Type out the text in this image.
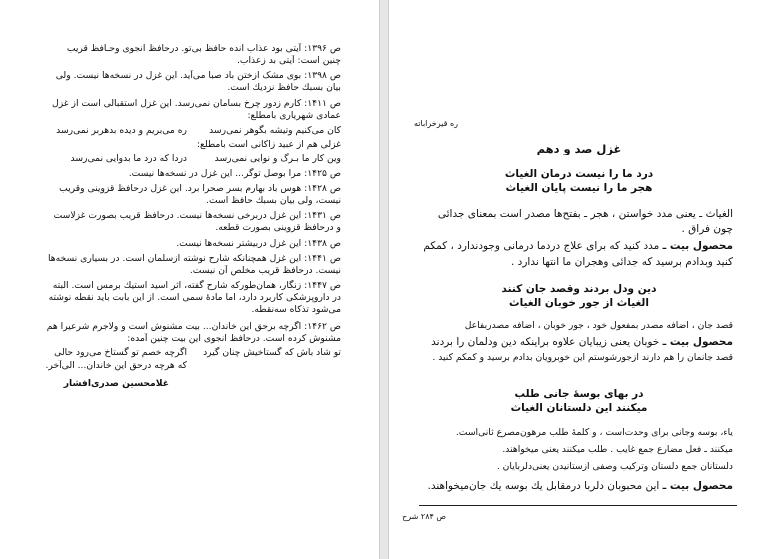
ص ۱۳۹۶: آیتی بود عذاب انده حافظ بی‌تو. درحافظ انجوی وحـافظ قریب
چنین است: آیتی بد زعذاب.
ص ۱۳۹۸: بوی مشک ازختن باد صبا می‌آید. این غزل در نسخه‌ها نیست. ولی
بیان بسبك حافظ نزدیك است.
ص ۱۴۱۱: کارم زدور چرخ بسامان نمی‌رسد. این غزل استقبالی است از غزل
عمادی شهریاری بامطلع:
ره می‌بریم و دیده بدهربر نمی‌رسد	کان می‌کنیم وتیشه بگوهر نمی‌رسد
غزلی هم از عبید زاکانی است بامطلع:
دردا که درد ما بدوایی نمی‌رسد	وین کار ما بـرگ و نوایی نمی‌رسد
ص ۱۴۲۵: مرا بوصل توگر... این غزل در نسخه‌ها نیست.
ص ۱۴۲۸: هوس باد بهارم بسر صحرا برد. این غزل درحافظ قزوینی وقریب
نیست، ولی بیان بسبك حافظ است.
ص ۱۴۳۱: این غزل دربرخی نسخه‌ها نیست. درحافظ قریب بصورت غزلاست
و درحافظ قزوینی بصورت قطعه.
ص ۱۴۳۸: این غزل دربیشتر نسخه‌ها نیست.
ص ۱۴۴۱: این غزل همچنانکه شارح نوشته ازسلمان است. در بسیاری نسخه‌ها
نیست. درحافظ قریب مخلص آن نیست.
ص ۱۴۴۷: زنگار، همان‌طورکه شارح گفته، اثر اسید استیك برمس است. البته
در داروپزشکی کاربرد دارد، اما مادهٔ سمی است. از این بابت باید نقطه نوشته
می‌شود تذکاه سه‌نقطه.
ص ۱۴۶۲: اگرچه برحق این خاندان... بیت مشنوش است و ولاجرم شرعیرا هم
مشنوش کرده است. درحافظ انجوی این بیت چنین آمده:
اگرچه خصم تو گستاخ می‌رود حالی	تو شاد باش که گستاخیش چنان گیرد
که هرچه درحق این خاندان... الی‌آخر.
غلامحسین صدری‌افشار
ره قیرخراباته
غزل صد و دهم
درد ما را نیست درمان الغیاث
هجر ما را نیست پایان الغیاث
الغیاث ـ یعنی مدد خواستن ، هجر ـ بفتح‌ها مصدر است بمعنای جدائی
چون فراق .
محصول بیت ـ مدد کنید که برای علاج دردما درمانی وجودندارد ، کمکم
کنید وبدادم برسید که جدائی وهجران ما انتها ندارد .
دین ودل بردند وقصد جان کنند
الغیاث از جور خوبان الغیاث
قصد جان ، اضافه مصدر بمفعول خود ، جور خوبان ، اضافه مصدربفاعل
محصول بیت ـ خوبان یعنی زیبایان علاوه براینکه دین ودلمان را بردند
قصد جانمان را هم دارند ازجورشوستم این خوبرویان بدادم برسید و کمکم کنید .
در بهای بوسهٔ جانی طلب
میکنند این دلستانان الغیاث
یاء، بوسه وجانی برای وحدت‌است ، و کلمهٔ طلب مرهون‌مصرع ثانی‌است.
میکنند ـ فعل مضارع جمع غایب . طلب میکنند یعنی میخواهند.
دلستانان جمع دلستان وترکیب وصفی ازستانیدن یعنی‌دلربایان .
محصول بیت ـ این محبوبان دلربا درمقابل یك بوسه یك جان‌میخواهند.
ص ۲۸۴ شرح
